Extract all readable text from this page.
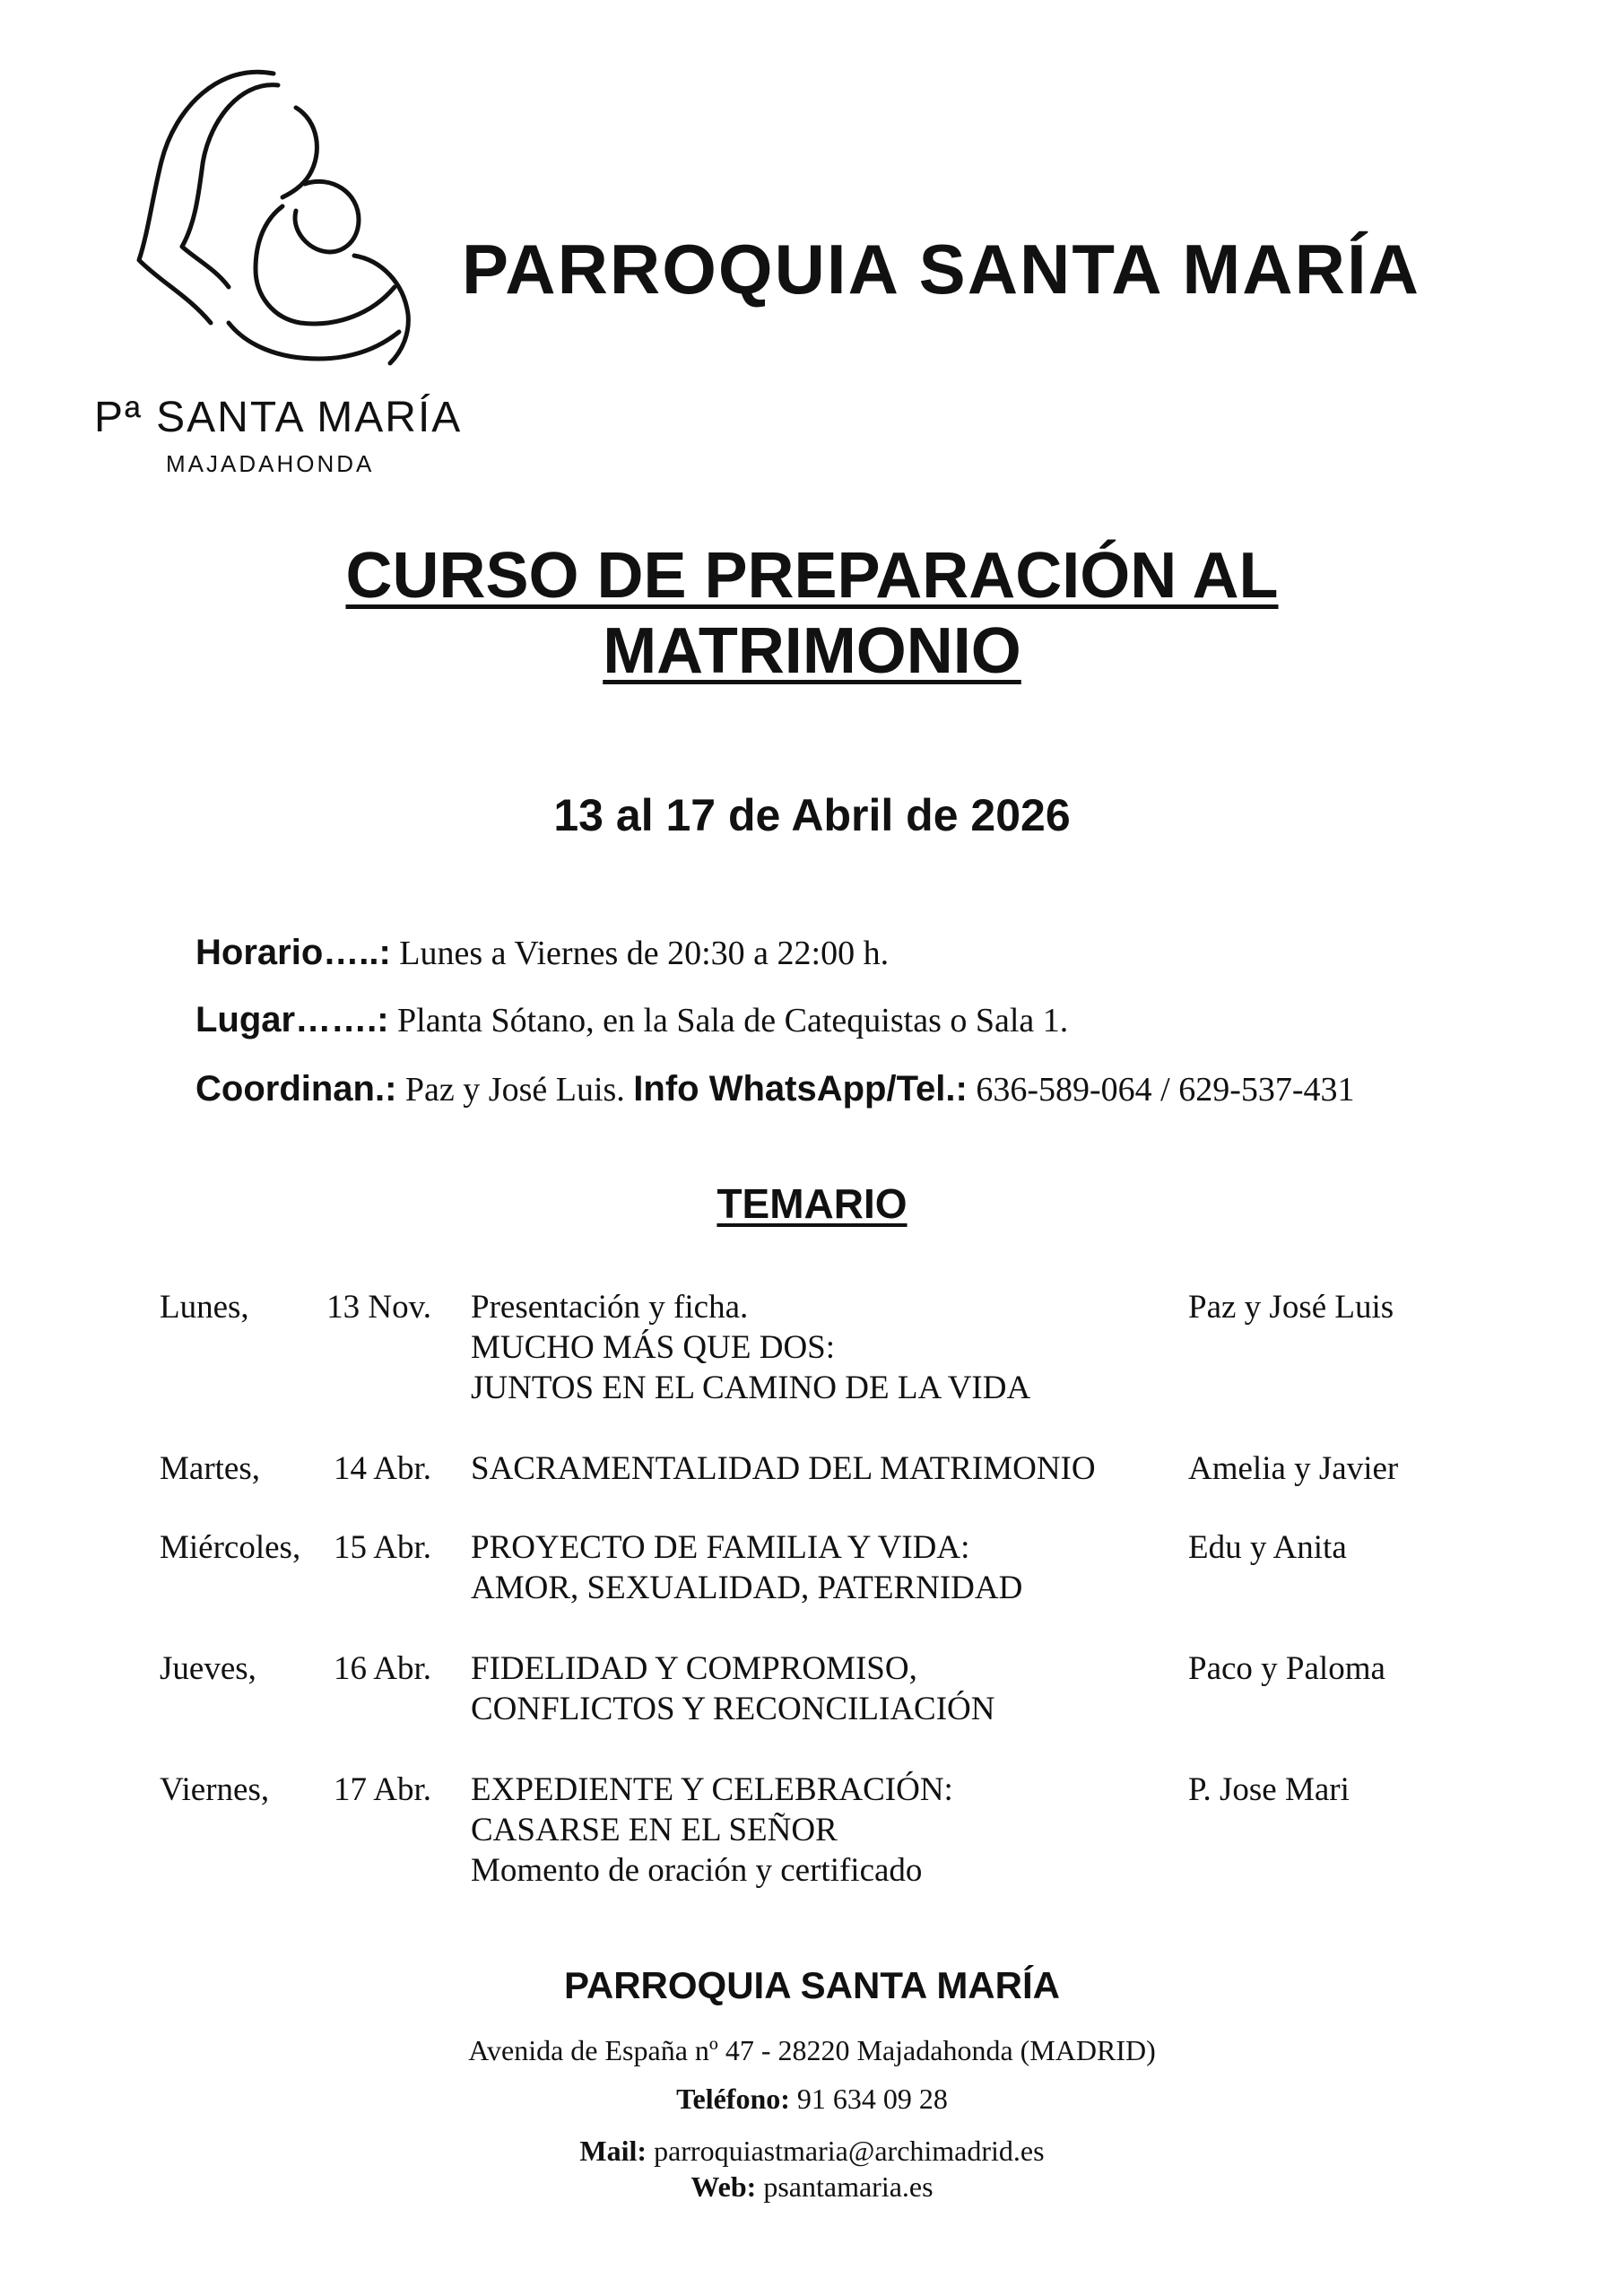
Pª SANTA MARÍA
MAJADAHONDA
PARROQUIA SANTA MARÍA
CURSO DE PREPARACIÓN AL
MATRIMONIO
13 al 17 de Abril de 2026
Horario…..: Lunes a Viernes de 20:30 a 22:00 h.
Lugar…….: Planta Sótano, en la Sala de Catequistas o Sala 1.
Coordinan.: Paz y José Luis. Info WhatsApp/Tel.: 636-589-064 / 629-537-431
TEMARIO
Lunes, 13 Nov. Presentación y ficha.
MUCHO MÁS QUE DOS:
JUNTOS EN EL CAMINO DE LA VIDA
Paz y José Luis
Martes, 14 Abr. SACRAMENTALIDAD DEL MATRIMONIO	Amelia y Javier
Miércoles, 15 Abr. PROYECTO DE FAMILIA Y VIDA:
AMOR, SEXUALIDAD, PATERNIDAD
Edu y Anita
Jueves, 16 Abr. FIDELIDAD Y COMPROMISO,
CONFLICTOS Y RECONCILIACIÓN
Paco y Paloma
Viernes, 17 Abr. EXPEDIENTE Y CELEBRACIÓN:
CASARSE EN EL SEÑOR
Momento de oración y certificado
P. Jose Mari
PARROQUIA SANTA MARÍA
Avenida de España nº 47 - 28220 Majadahonda (MADRID)
Teléfono: 91 634 09 28
Mail: parroquiastmaria@archimadrid.es
Web: psantamaria.es
